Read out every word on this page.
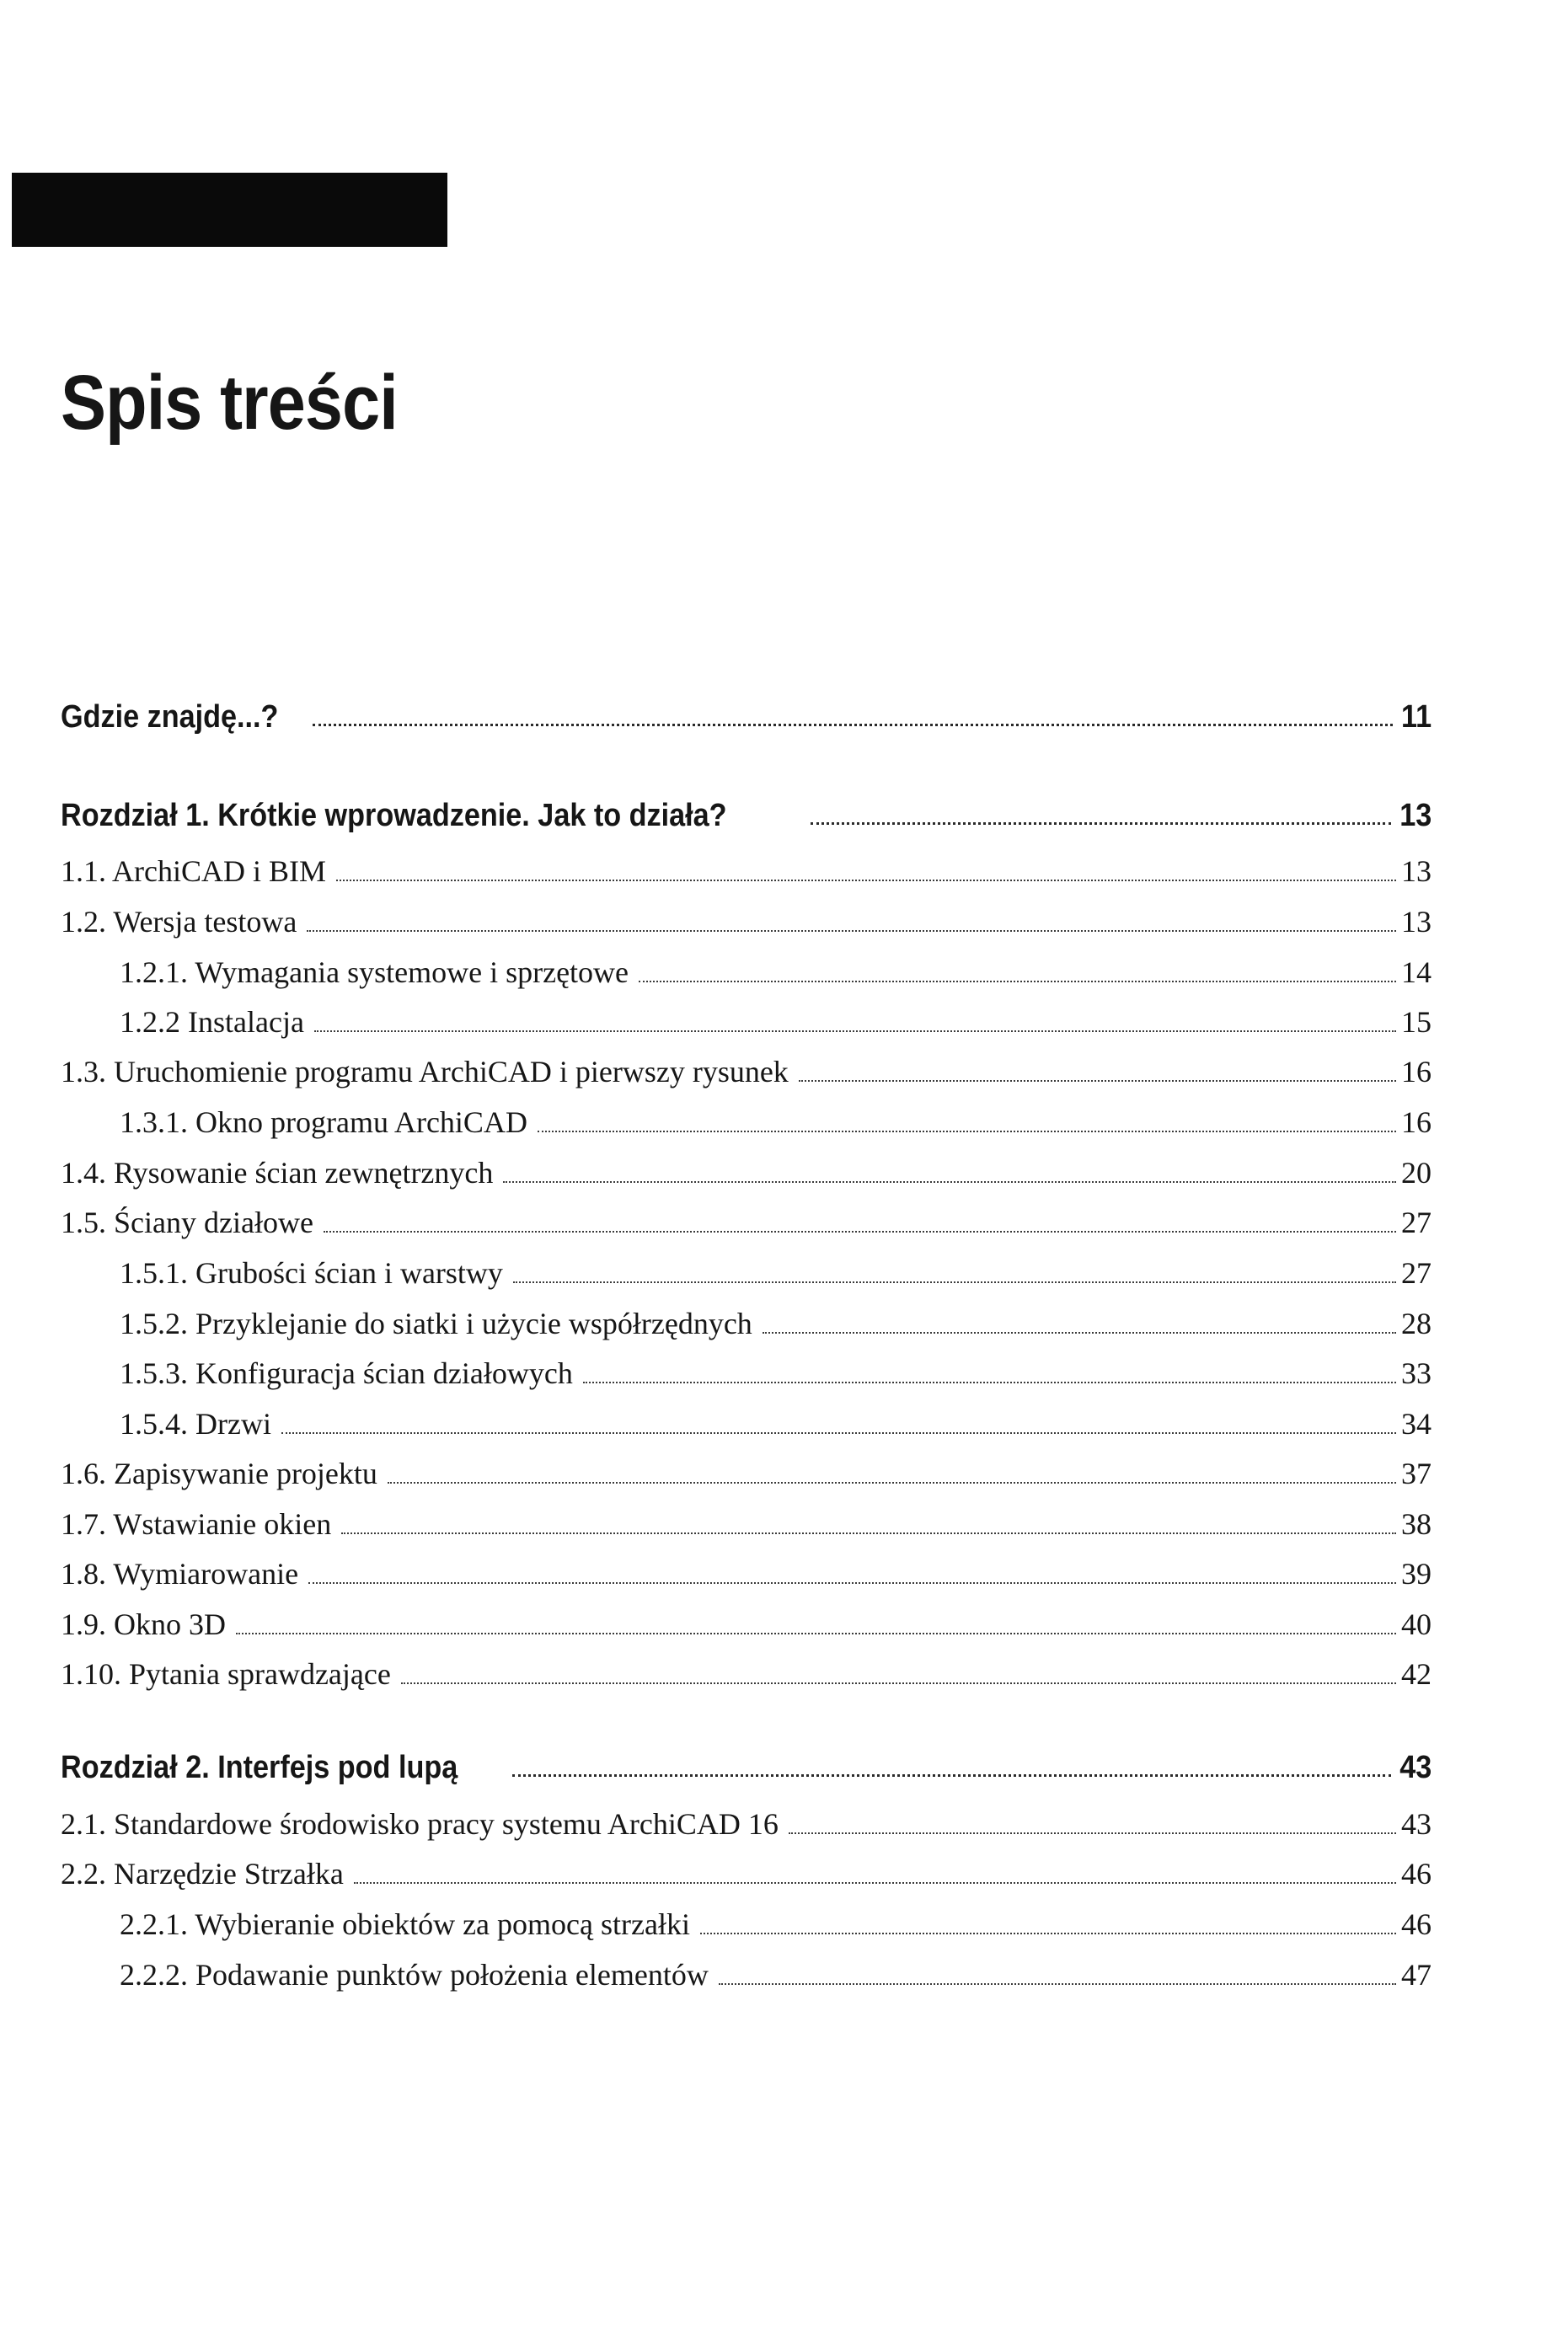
Spis treści
Gdzie znajdę...?	11
Rozdział 1. Krótkie wprowadzenie. Jak to działa?	13
1.1. ArchiCAD i BIM	13
1.2. Wersja testowa	13
1.2.1. Wymagania systemowe i sprzętowe	14
1.2.2 Instalacja	15
1.3. Uruchomienie programu ArchiCAD i pierwszy rysunek	16
1.3.1. Okno programu ArchiCAD	16
1.4. Rysowanie ścian zewnętrznych	20
1.5. Ściany działowe	27
1.5.1. Grubości ścian i warstwy	27
1.5.2. Przyklejanie do siatki i użycie współrzędnych	28
1.5.3. Konfiguracja ścian działowych	33
1.5.4. Drzwi	34
1.6. Zapisywanie projektu	37
1.7. Wstawianie okien	38
1.8. Wymiarowanie	39
1.9. Okno 3D	40
1.10. Pytania sprawdzające	42
Rozdział 2. Interfejs pod lupą	43
2.1. Standardowe środowisko pracy systemu ArchiCAD 16	43
2.2. Narzędzie Strzałka	46
2.2.1. Wybieranie obiektów za pomocą strzałki	46
2.2.2. Podawanie punktów położenia elementów	47
